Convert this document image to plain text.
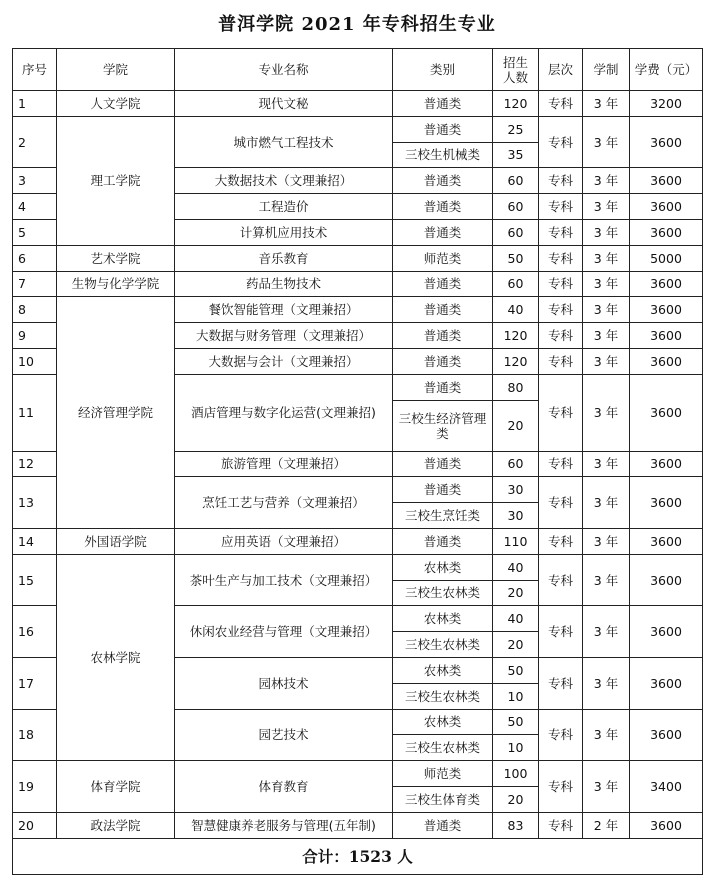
普洱学院 2021 年专科招生专业
序号	学院	专业名称	类别	招生人数	层次	学制	学费（元）
1	人文学院	现代文秘	普通类	120	专科	3 年	3200
2	理工学院	城市燃气工程技术	普通类	25	专科	3 年	3600
			三校生机械类	35			
3		大数据技术（文理兼招）	普通类	60	专科	3 年	3600
4		工程造价	普通类	60	专科	3 年	3600
5		计算机应用技术	普通类	60	专科	3 年	3600
6	艺术学院	音乐教育	师范类	50	专科	3 年	5000
7	生物与化学学院	药品生物技术	普通类	60	专科	3 年	3600
8	经济管理学院	餐饮智能管理（文理兼招）	普通类	40	专科	3 年	3600
9		大数据与财务管理（文理兼招）	普通类	120	专科	3 年	3600
10		大数据与会计（文理兼招）	普通类	120	专科	3 年	3600
11		酒店管理与数字化运营(文理兼招)	普通类	80	专科	3 年	3600
			三校生经济管理类	20			
12		旅游管理（文理兼招）	普通类	60	专科	3 年	3600
13		烹饪工艺与营养（文理兼招）	普通类	30	专科	3 年	3600
			三校生烹饪类	30			
14	外国语学院	应用英语（文理兼招）	普通类	110	专科	3 年	3600
15	农林学院	茶叶生产与加工技术（文理兼招）	农林类	40	专科	3 年	3600
			三校生农林类	20			
16		休闲农业经营与管理（文理兼招）	农林类	40	专科	3 年	3600
			三校生农林类	20			
17		园林技术	农林类	50	专科	3 年	3600
			三校生农林类	10			
18		园艺技术	农林类	50	专科	3 年	3600
			三校生农林类	10			
19	体育学院	体育教育	师范类	100	专科	3 年	3400
			三校生体育类	20			
20	政法学院	智慧健康养老服务与管理(五年制)	普通类	83	专科	2 年	3600
合计：1523 人							
